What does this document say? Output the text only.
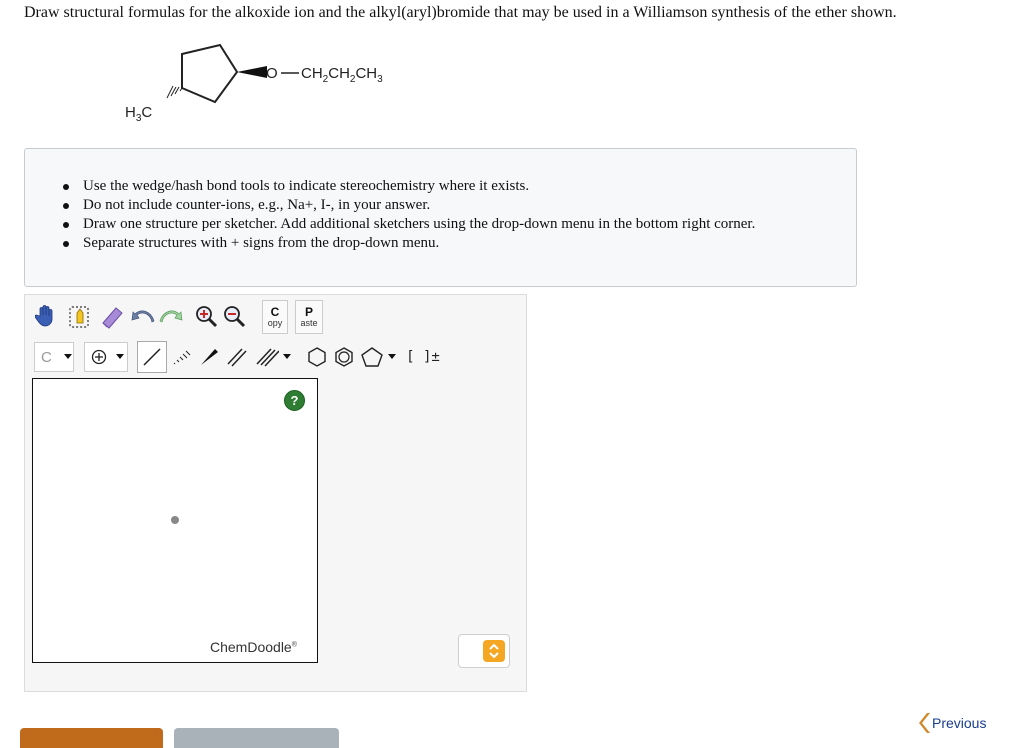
Draw structural formulas for the alkoxide ion and the alkyl(aryl)bromide that may be used in a Williamson synthesis of the ether shown.
O $CH_2CH_2CH_3$
$H_3C$
Use the wedge/hash bond tools to indicate stereochemistry where it exists.
Do not include counter-ions, e.g., Na+, I-, in your answer.
Draw one structure per sketcher. Add additional sketchers using the drop-down menu in the bottom right corner.
Separate structures with + signs from the drop-down menu.
C
opy
P
aste
C	[ ]±
?
ChemDoodle®
Previous
